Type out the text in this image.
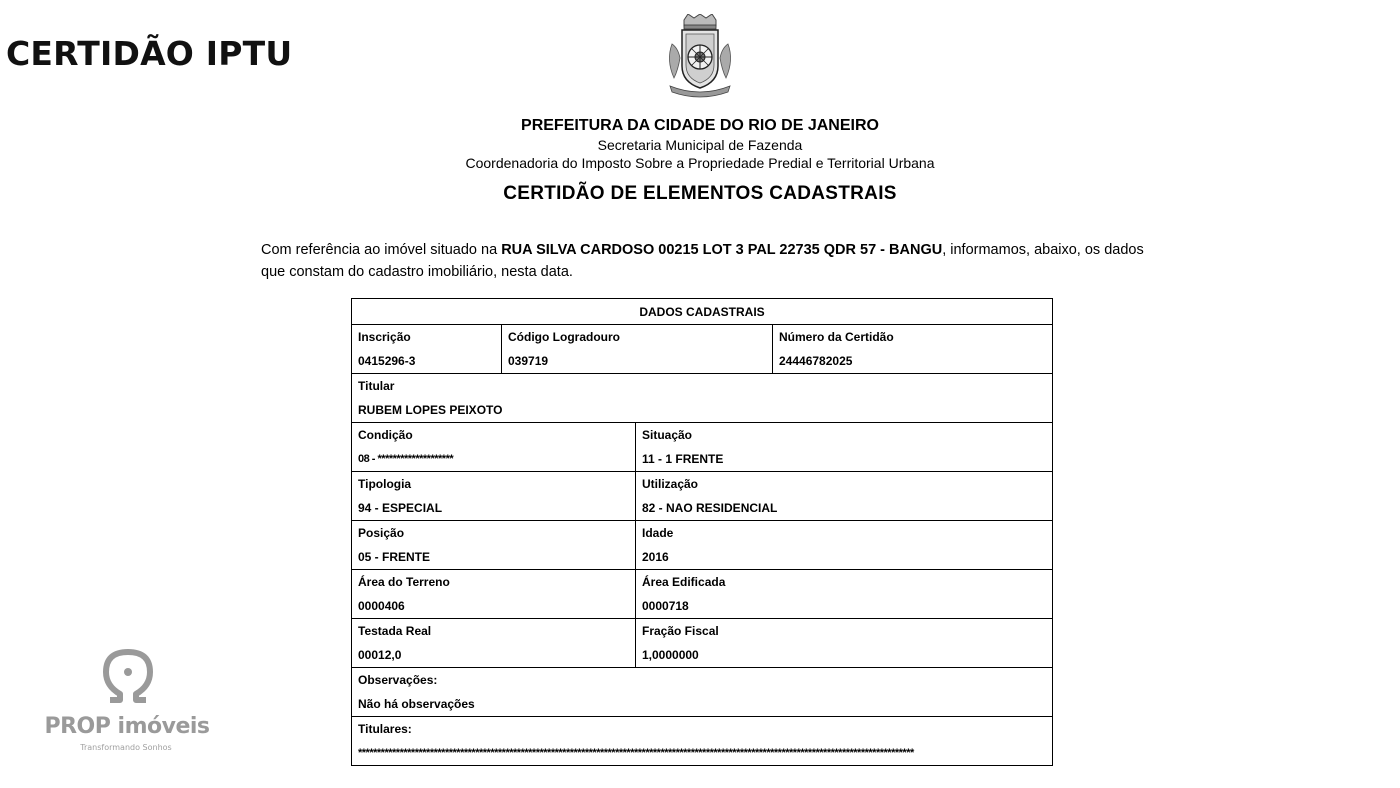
CERTIDÃO IPTU
PREFEITURA DA CIDADE DO RIO DE JANEIRO
Secretaria Municipal de Fazenda
Coordenadoria do Imposto Sobre a Propriedade Predial e Territorial Urbana
CERTIDÃO DE ELEMENTOS CADASTRAIS
Com referência ao imóvel situado na RUA SILVA CARDOSO 00215 LOT 3 PAL 22735 QDR 57 - BANGU, informamos, abaixo, os dados que constam do cadastro imobiliário, nesta data.
DADOS CADASTRAIS			
Inscrição	Código Logradouro		Número da Certidão
0415296-3	039719		24446782025
Titular			
RUBEM LOPES PEIXOTO			
Condição		Situação	
08 - ********************		11 - 1 FRENTE	
Tipologia		Utilização	
94 - ESPECIAL		82 - NAO RESIDENCIAL	
Posição		Idade	
05 - FRENTE		2016	
Área do Terreno		Área Edificada	
0000406		0000718	
Testada Real		Fração Fiscal	
00012,0		1,0000000	
Observações:			
Não há observações			
Titulares:			
***************************************************************************************************************************************************			
PROP imóveis
Transformando Sonhos
